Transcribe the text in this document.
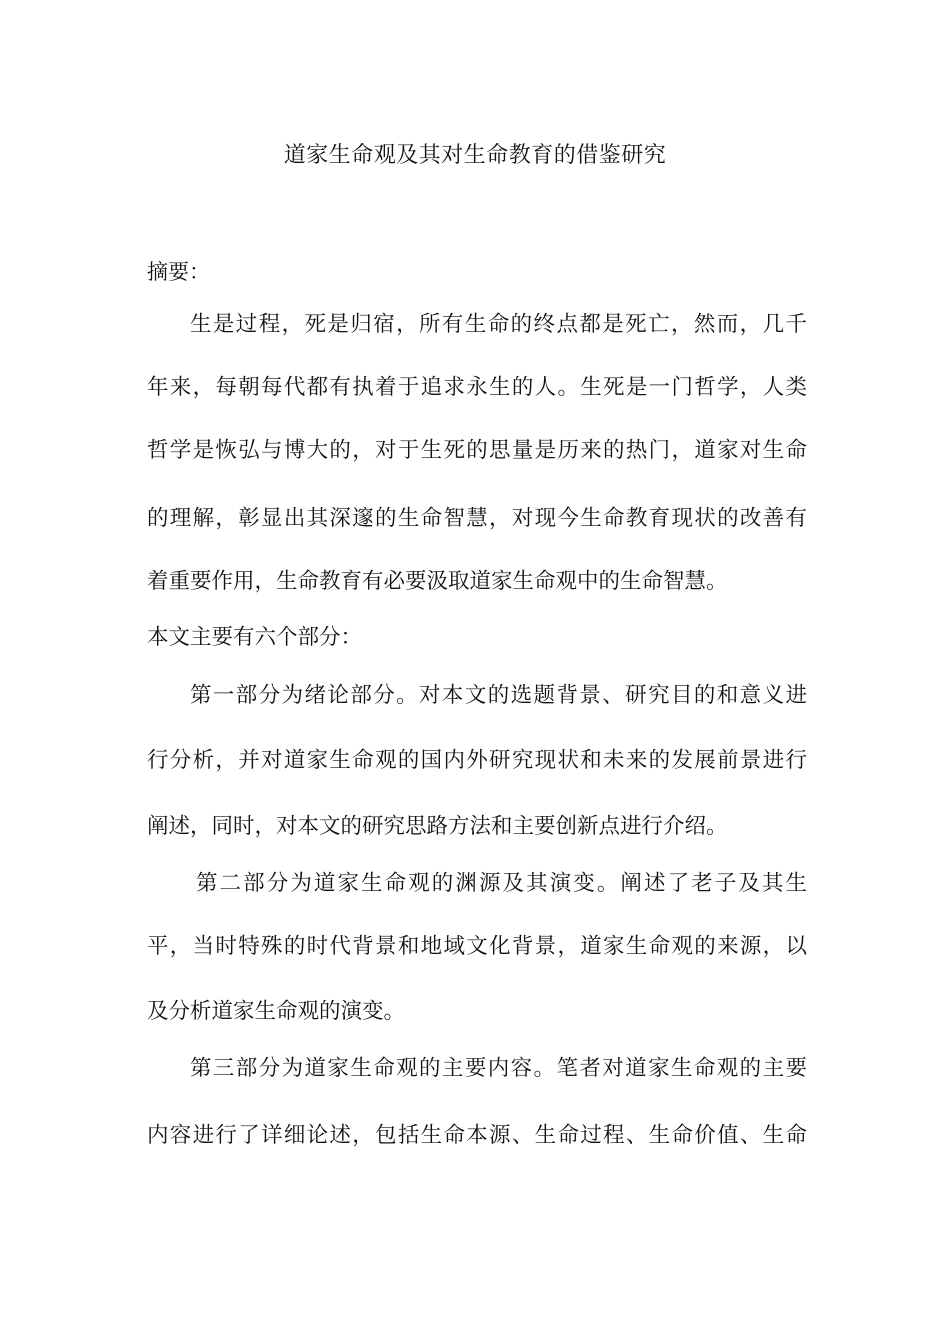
道家生命观及其对生命教育的借鉴研究
摘要：
生是过程，死是归宿，所有生命的终点都是死亡，然而，几千
年来，每朝每代都有执着于追求永生的人。生死是一门哲学，人类
哲学是恢弘与博大的，对于生死的思量是历来的热门，道家对生命
的理解，彰显出其深邃的生命智慧，对现今生命教育现状的改善有
着重要作用，生命教育有必要汲取道家生命观中的生命智慧。
本文主要有六个部分：
第一部分为绪论部分。对本文的选题背景、研究目的和意义进
行分析，并对道家生命观的国内外研究现状和未来的发展前景进行
阐述，同时，对本文的研究思路方法和主要创新点进行介绍。
第二部分为道家生命观的渊源及其演变。阐述了老子及其生
平，当时特殊的时代背景和地域文化背景，道家生命观的来源，以
及分析道家生命观的演变。
第三部分为道家生命观的主要内容。笔者对道家生命观的主要
内容进行了详细论述，包括生命本源、生命过程、生命价值、生命
